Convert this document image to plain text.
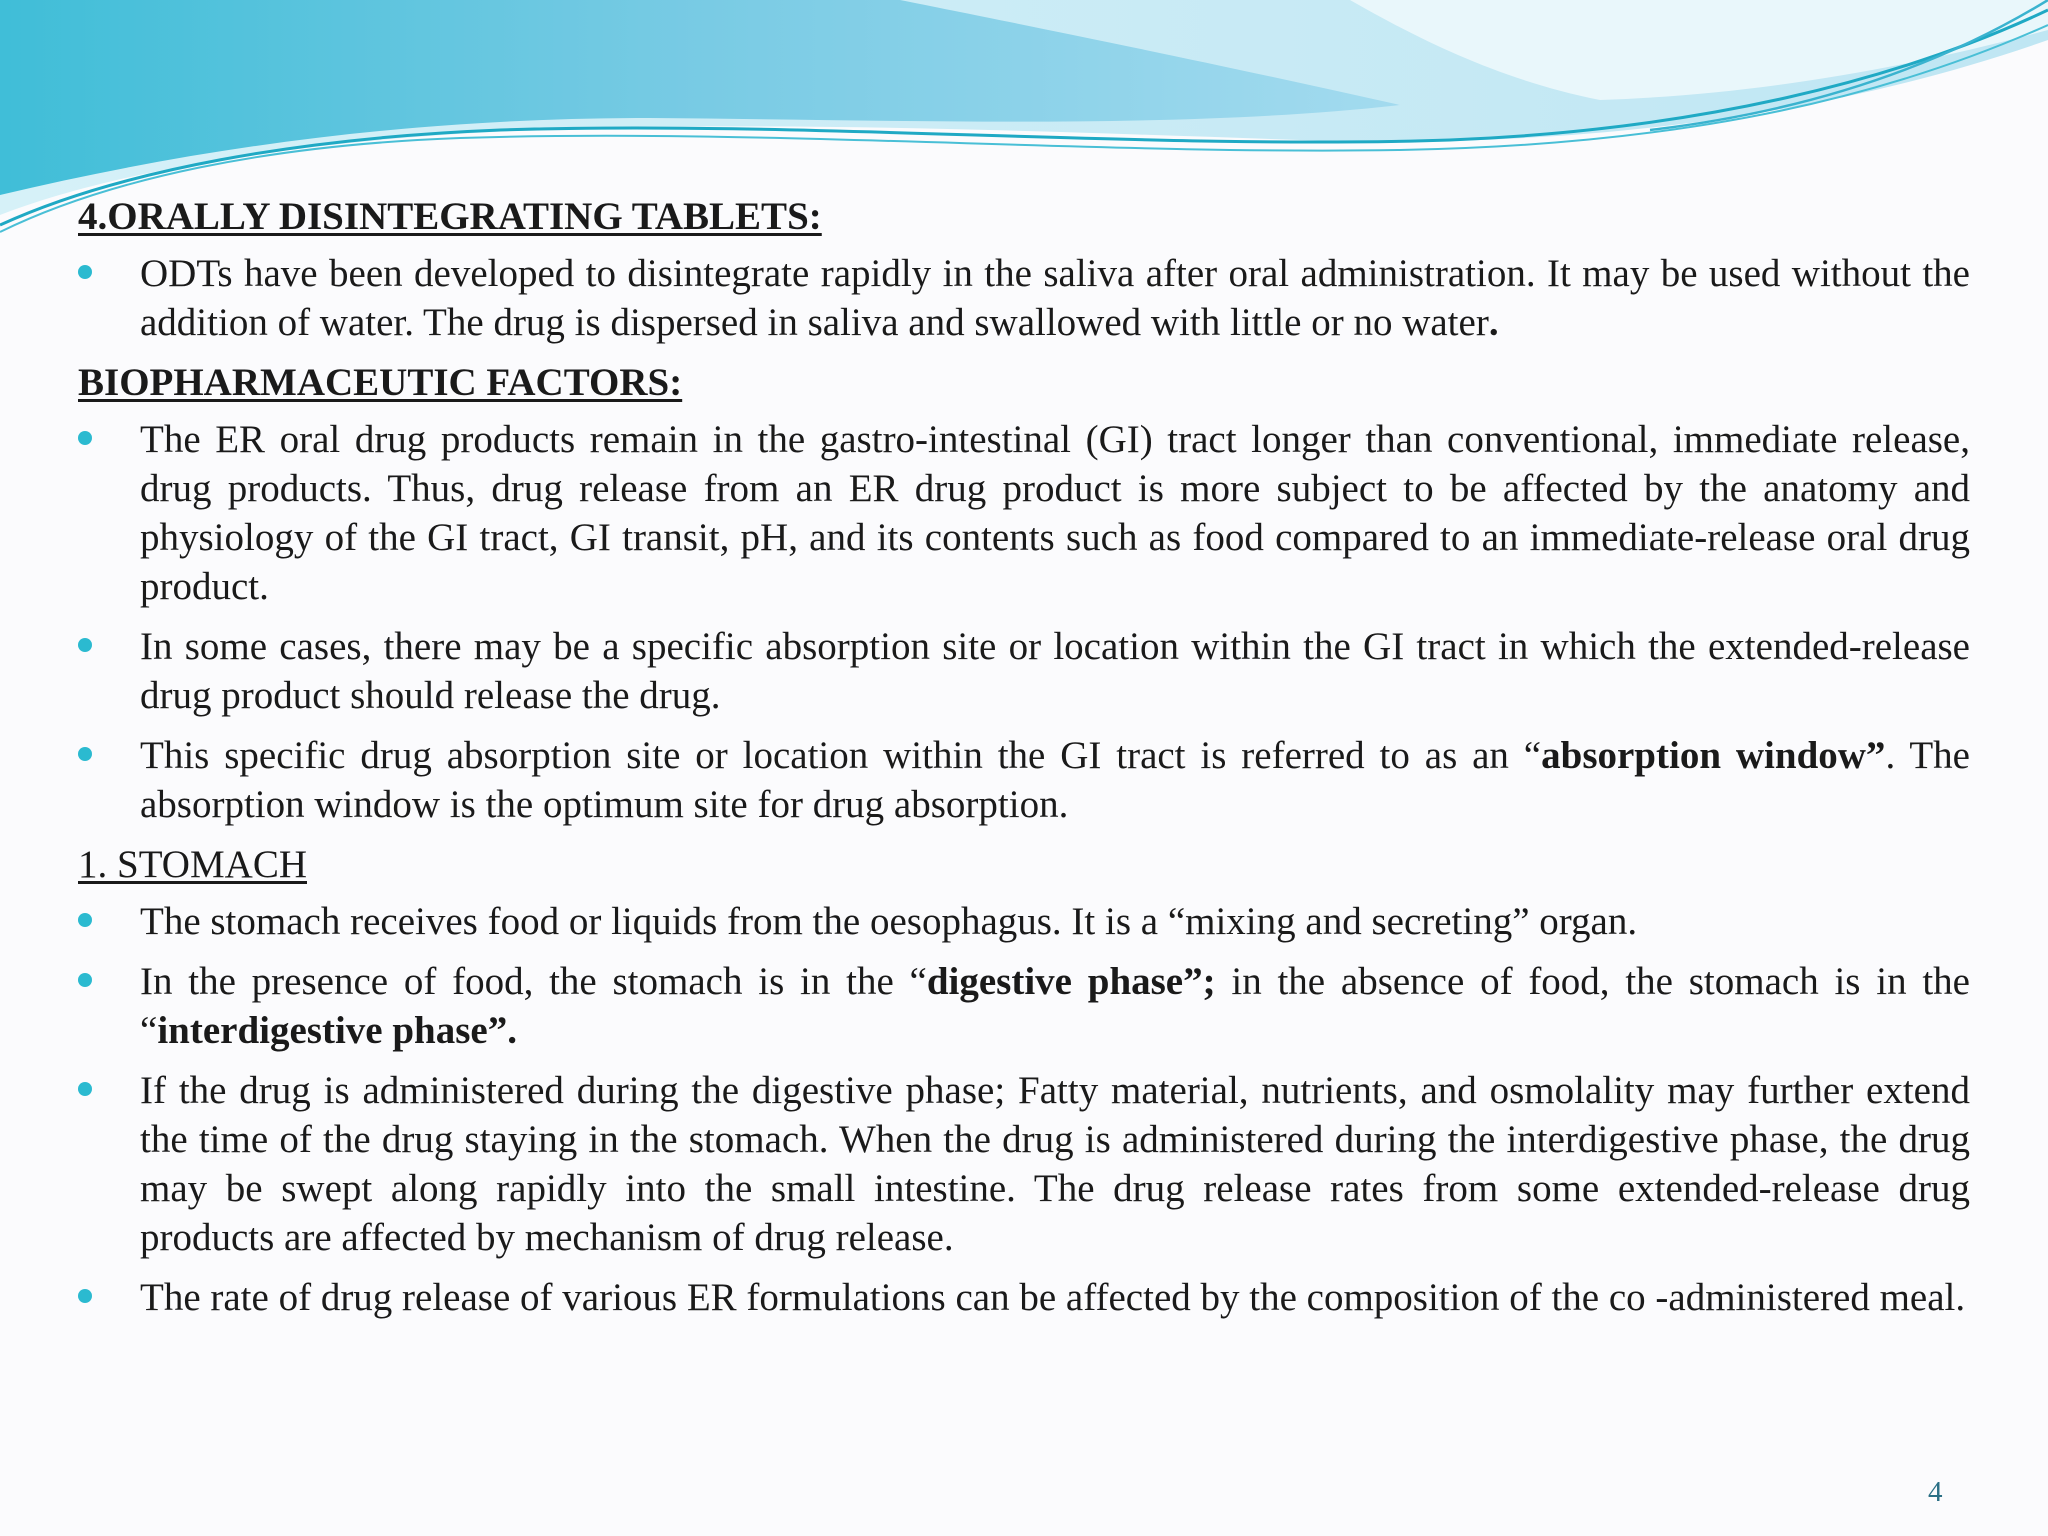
4.ORALLY DISINTEGRATING TABLETS:
ODTs have been developed to disintegrate rapidly in the saliva after oral administration. It may be used without the addition of water. The drug is dispersed in saliva and swallowed with little or no water.
BIOPHARMACEUTIC FACTORS:
The ER oral drug products remain in the gastro-intestinal (GI) tract longer than conventional, immediate release, drug products. Thus, drug release from an ER drug product is more subject to be affected by the anatomy and physiology of the GI tract, GI transit, pH, and its contents such as food compared to an immediate-release oral drug product.
In some cases, there may be a specific absorption site or location within the GI tract in which the extended-release drug product should release the drug.
This specific drug absorption site or location within the GI tract is referred to as an “absorption window”. The absorption window is the optimum site for drug absorption.
1. STOMACH
The stomach receives food or liquids from the oesophagus. It is a “mixing and secreting” organ.
In the presence of food, the stomach is in the “digestive phase”; in the absence of food, the stomach is in the “interdigestive phase”.
If the drug is administered during the digestive phase; Fatty material, nutrients, and osmolality may further extend the time of the drug staying in the stomach. When the drug is administered during the interdigestive phase, the drug may be swept along rapidly into the small intestine. The drug release rates from some extended-release drug products are affected by mechanism of drug release.
The rate of drug release of various ER formulations can be affected by the composition of the co -administered meal.
4
